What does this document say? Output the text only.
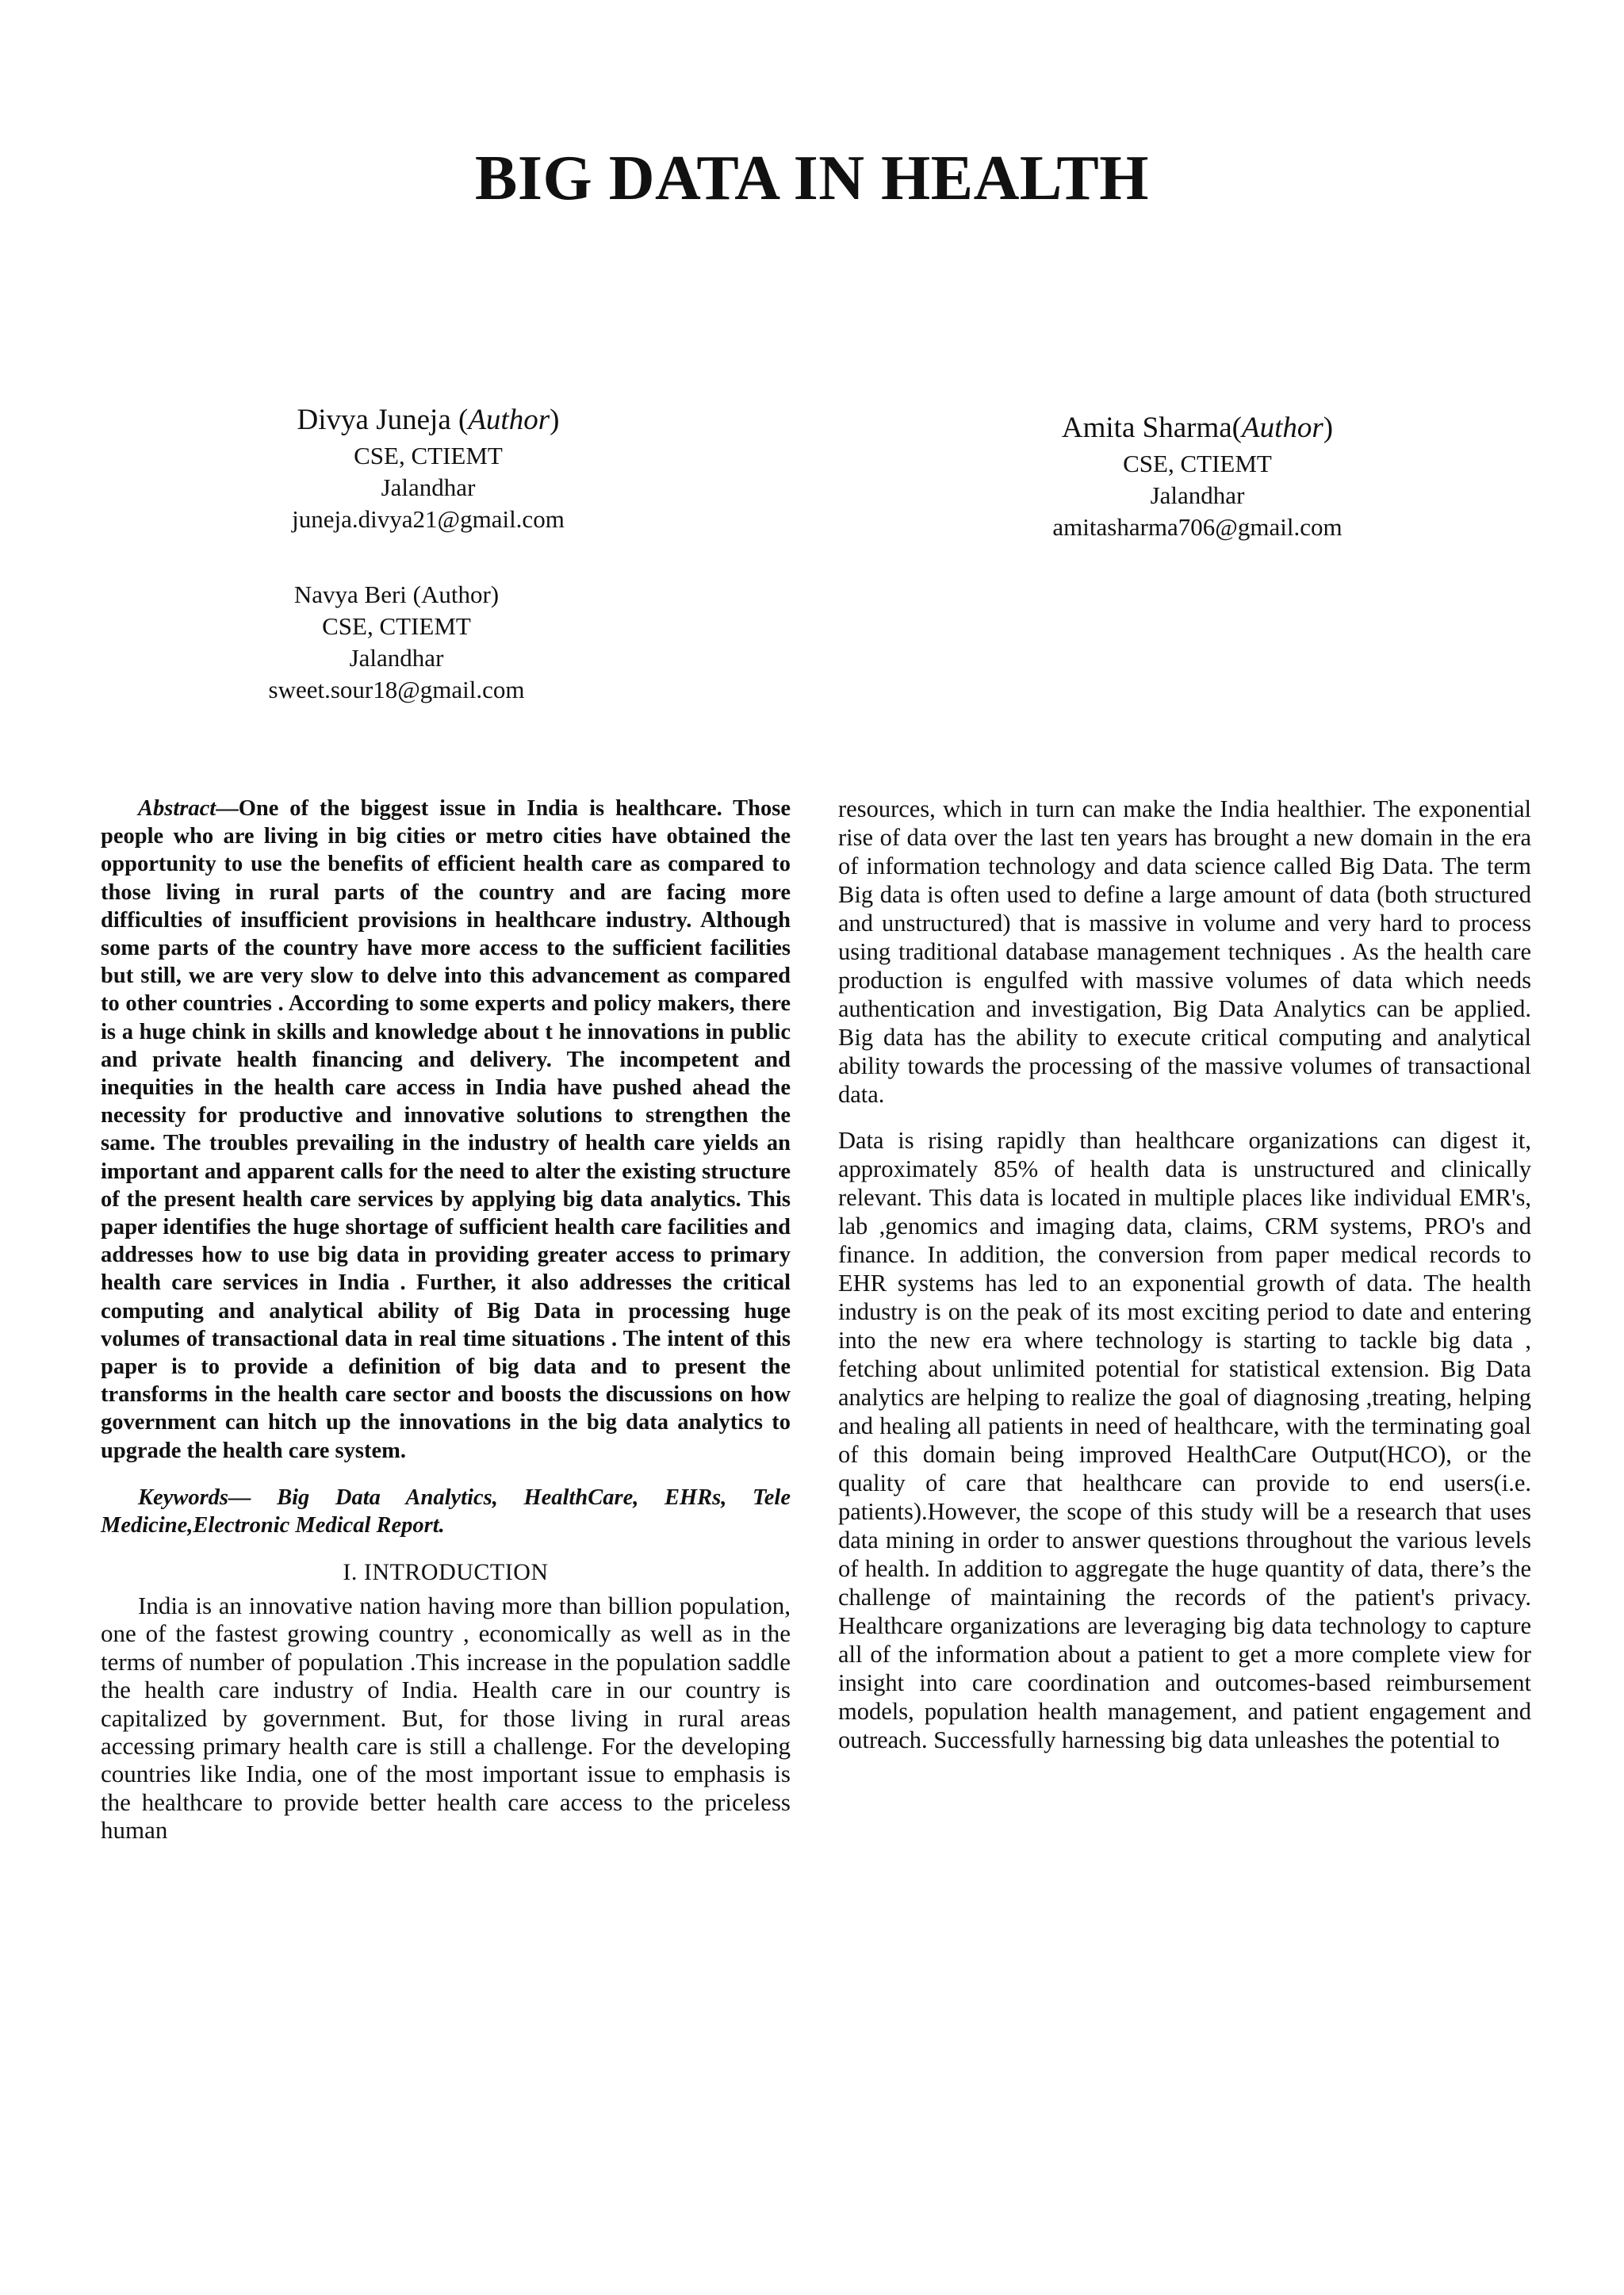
BIG DATA IN HEALTH
Divya Juneja (Author)
CSE, CTIEMT
Jalandhar
juneja.divya21@gmail.com
Amita Sharma(Author)
CSE, CTIEMT
Jalandhar
amitasharma706@gmail.com
Navya Beri (Author)
CSE, CTIEMT
Jalandhar
sweet.sour18@gmail.com

Abstract—One of the biggest issue in India is healthcare. Those people who are living in big cities or metro cities have obtained the opportunity to use the benefits of efficient health care as compared to those living in rural parts of the country and are facing more difficulties of insufficient provisions in healthcare industry. Although some parts of the country have more access to the sufficient facilities but still, we are very slow to delve into this advancement as compared to other countries . According to some experts and policy makers, there is a huge chink in skills and knowledge about t he innovations in public and private health financing and delivery. The incompetent and inequities in the health care access in India have pushed ahead the necessity for productive and innovative solutions to strengthen the same. The troubles prevailing in the industry of health care yields an important and apparent calls for the need to alter the existing structure of the present health care services by applying big data analytics. This paper identifies the huge shortage of sufficient health care facilities and addresses how to use big data in providing greater access to primary health care services in India . Further, it also addresses the critical computing and analytical ability of Big Data in processing huge volumes of transactional data in real time situations . The intent of this paper is to provide a definition of big data and to present the transforms in the health care sector and boosts the discussions on how government can hitch up the innovations in the big data analytics to upgrade the health care system.

Keywords— Big Data Analytics, HealthCare, EHRs, Tele Medicine,Electronic Medical Report.

I. INTRODUCTION

India is an innovative nation having more than billion population, one of the fastest growing country , economically as well as in the terms of number of population .This increase in the population saddle the health care industry of India. Health care in our country is capitalized by government. But, for those living in rural areas accessing primary health care is still a challenge. For the developing countries like India, one of the most important issue to emphasis is the healthcare to provide better health care access to the priceless human

resources, which in turn can make the India healthier. The exponential rise of data over the last ten years has brought a new domain in the era of information technology and data science called Big Data. The term Big data is often used to define a large amount of data (both structured and unstructured) that is massive in volume and very hard to process using traditional database management techniques . As the health care production is engulfed with massive volumes of data which needs authentication and investigation, Big Data Analytics can be applied. Big data has the ability to execute critical computing and analytical ability towards the processing of the massive volumes of transactional data.

Data is rising rapidly than healthcare organizations can digest it, approximately 85% of health data is unstructured and clinically relevant. This data is located in multiple places like individual EMR's, lab ,genomics and imaging data, claims, CRM systems, PRO's and finance. In addition, the conversion from paper medical records to EHR systems has led to an exponential growth of data. The health industry is on the peak of its most exciting period to date and entering into the new era where technology is starting to tackle big data , fetching about unlimited potential for statistical extension. Big Data analytics are helping to realize the goal of diagnosing ,treating, helping and healing all patients in need of healthcare, with the terminating goal of this domain being improved HealthCare Output(HCO), or the quality of care that healthcare can provide to end users(i.e. patients).However, the scope of this study will be a research that uses data mining in order to answer questions throughout the various levels of health. In addition to aggregate the huge quantity of data, there’s the challenge of maintaining the records of the patient's privacy. Healthcare organizations are leveraging big data technology to capture all of the information about a patient to get a more complete view for insight into care coordination and outcomes-based reimbursement models, population health management, and patient engagement and outreach. Successfully harnessing big data unleashes the potential to
